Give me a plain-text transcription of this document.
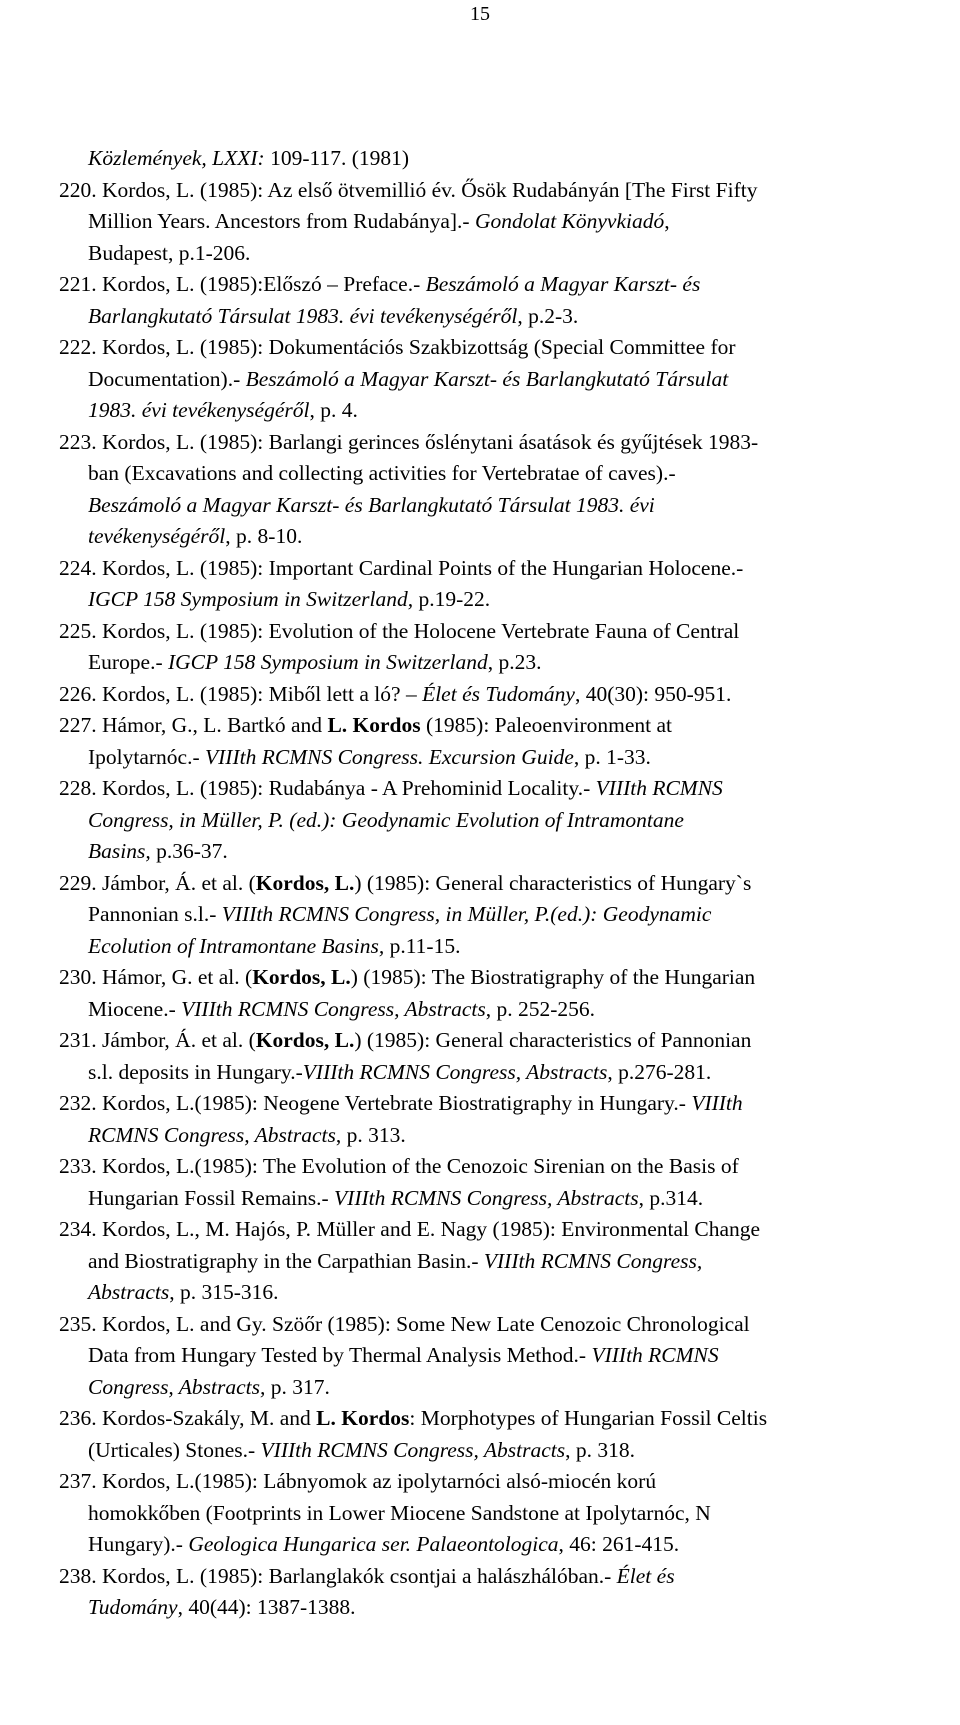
15
Közlemények, LXXI: 109-117. (1981)
220. Kordos, L. (1985): Az első ötvemillió év. Ősök Rudabányán [The First Fifty
Million Years. Ancestors from Rudabánya].- Gondolat Könyvkiadó,
Budapest, p.1-206.
221. Kordos, L. (1985):Előszó – Preface.- Beszámoló a Magyar Karszt- és
Barlangkutató Társulat 1983. évi tevékenységéről, p.2-3.
222. Kordos, L. (1985): Dokumentációs Szakbizottság (Special Committee for
Documentation).- Beszámoló a Magyar Karszt- és Barlangkutató Társulat
1983. évi tevékenységéről, p. 4.
223. Kordos, L. (1985): Barlangi gerinces őslénytani ásatások és gyűjtések 1983-
ban (Excavations and collecting activities for Vertebratae of caves).-
Beszámoló a Magyar Karszt- és Barlangkutató Társulat 1983. évi
tevékenységéről, p. 8-10.
224. Kordos, L. (1985): Important Cardinal Points of the Hungarian Holocene.-
IGCP 158 Symposium in Switzerland, p.19-22.
225. Kordos, L. (1985): Evolution of the Holocene Vertebrate Fauna of Central
Europe.- IGCP 158 Symposium in Switzerland, p.23.
226. Kordos, L. (1985): Miből lett a ló? – Élet és Tudomány, 40(30): 950-951.
227. Hámor, G., L. Bartkó and L. Kordos (1985): Paleoenvironment at
Ipolytarnóc.- VIIIth RCMNS Congress. Excursion Guide, p. 1-33.
228. Kordos, L. (1985): Rudabánya - A Prehominid Locality.- VIIIth RCMNS
Congress, in Müller, P. (ed.): Geodynamic Evolution of Intramontane
Basins, p.36-37.
229. Jámbor, Á. et al. (Kordos, L.) (1985): General characteristics of Hungary`s
Pannonian s.l.- VIIIth RCMNS Congress, in Müller, P.(ed.): Geodynamic
Ecolution of Intramontane Basins, p.11-15.
230. Hámor, G. et al. (Kordos, L.) (1985): The Biostratigraphy of the Hungarian
Miocene.- VIIIth RCMNS Congress, Abstracts, p. 252-256.
231. Jámbor, Á. et al. (Kordos, L.) (1985): General characteristics of Pannonian
s.l. deposits in Hungary.-VIIIth RCMNS Congress, Abstracts, p.276-281.
232. Kordos, L.(1985): Neogene Vertebrate Biostratigraphy in Hungary.- VIIIth
RCMNS Congress, Abstracts, p. 313.
233. Kordos, L.(1985): The Evolution of the Cenozoic Sirenian on the Basis of
Hungarian Fossil Remains.- VIIIth RCMNS Congress, Abstracts, p.314.
234. Kordos, L., M. Hajós, P. Müller and E. Nagy (1985): Environmental Change
and Biostratigraphy in the Carpathian Basin.- VIIIth RCMNS Congress,
Abstracts, p. 315-316.
235. Kordos, L. and Gy. Szöőr (1985): Some New Late Cenozoic Chronological
Data from Hungary Tested by Thermal Analysis Method.- VIIIth RCMNS
Congress, Abstracts, p. 317.
236. Kordos-Szakály, M. and L. Kordos: Morphotypes of Hungarian Fossil Celtis
(Urticales) Stones.- VIIIth RCMNS Congress, Abstracts, p. 318.
237. Kordos, L.(1985): Lábnyomok az ipolytarnóci alsó-miocén korú
homokkőben (Footprints in Lower Miocene Sandstone at Ipolytarnóc, N
Hungary).- Geologica Hungarica ser. Palaeontologica, 46: 261-415.
238. Kordos, L. (1985): Barlanglakók csontjai a halászhálóban.- Élet és
Tudomány, 40(44): 1387-1388.
